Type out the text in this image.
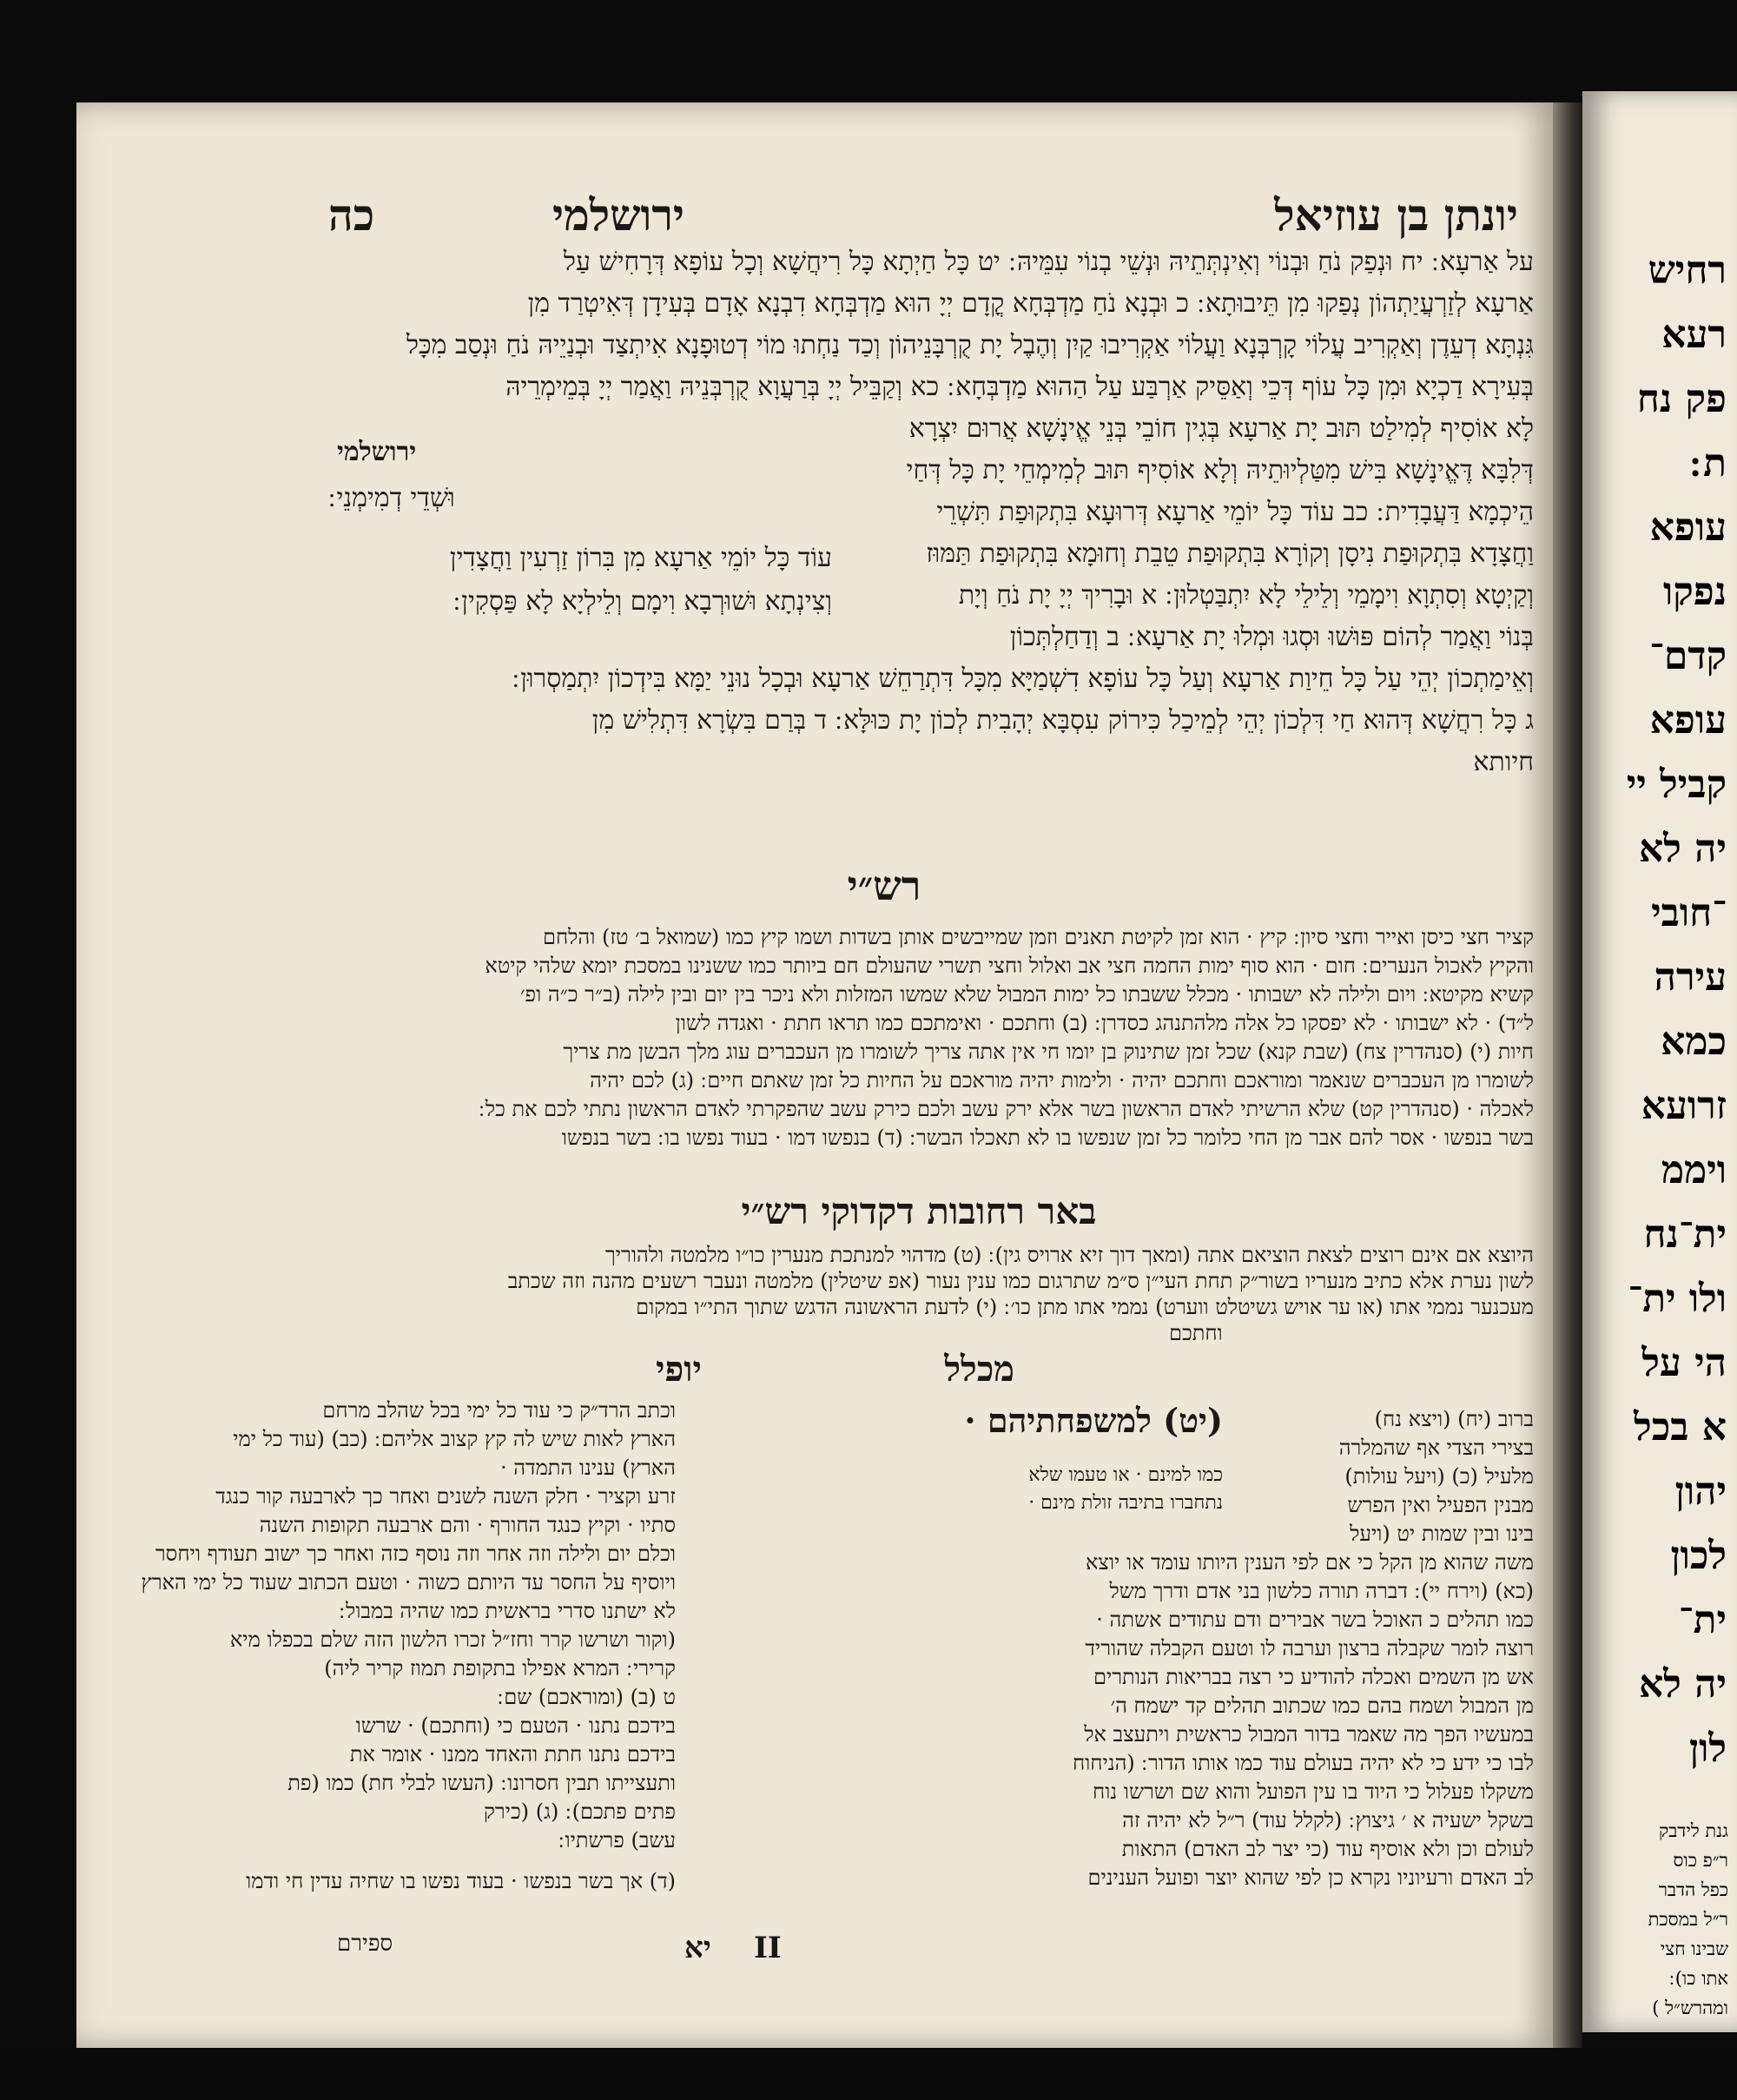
יונתן בן עוזיאל
ירושלמי
כה

על אַרעָא ׃ יח וּנְפַק נֹחַ וּבְנוֹי וְאִינְתְּתֵיהּ וּנְשֵׁי בְנוֹי עִמֵּיהּ ׃ יט כָּל חַיְתָא כָּל רִיחֲשָׁא וְכָל עוֹפָא דְּרָחִישׁ עַל

אַרעָא לְזַרְעֲיַתְהוֹן נְפַקוּ מִן תֵּיבוּתָא ׃ כ וּבְנָא נֹחַ מַדְבְּחָא קֳדָם יְיָ הוּא מַדְבְּחָא דִבְנָא אָדָם בְּעִידָן דְּאִיטְרַד מִן

גִּנְתָּא דְעֵדֶן וְאַקְרִיב עֲלוֹי קָרְבְּנָא וַעֲלוֹי אַקְרִיבוּ קַיִן וְהֶבֶל יָת קֻרְבָּנֵיהוֹן וְכַד נַחְתוּ מוֹי דְטוּפָנָא אִיתְצַד וּבְנַיֵיהּ נֹחַ וּנְסַב מִכָּל

בְּעִירָא דַכְיָא וּמִן כָּל עוֹף דְּכֵי וְאַסֵּיק אַרְבַּע עַל הַהוּא מַדְבְּחָא ׃ כא וְקַבֵּיל יְיָ בְּרַעֲוָא קֻרְבְּנֵיהּ וַאֲמַר יְיָ בְּמֵימְרֵיהּ

לָא אוֹסִיף לְמִילַט תּוּב יָת אַרעָא בְּגִין חוֹבֵי בְּנֵי אֱינָשָׁא אֲרוּם יִצְרָא

דְּלִבָּא דֶּאֱינָשָׁא בִּישׁ מִטַּלְיוּתֵיהּ וְלָא אוֹסִיף תּוּב לְמִימְחֵי יָת כָּל דְּחַי

הֵיכְמָא דַּעֲבָדִית ׃ כב עוֹד כָּל יוֹמֵי אַרעָא דְּרוּעָא בִּתְקוּפַת תִּשְׁרֵי

וַחֲצָדָא בִּתְקוּפַת נִיסָן וְקוֹרָא בִּתְקוּפַת טֵבֵת וְחוּמָא בִּתְקוּפַת תַּמּוּז

וְקַיְטָא וְסִתְוָא וִימָמֵי וְלֵילֵי לָא יִתְבַּטְלוּן ׃ א וּבָרִיךְ יְיָ יָת נֹחַ וְיָת

בְּנוֹי וַאֲמַר לְהוֹם פּוּשׁוּ וּסְגוּ וּמְלוּ יָת אַרעָא ׃ ב וְדַחַלְתְּכוֹן

וְאֵימַתְכוֹן יְהֵי עַל כָּל חֵיוַת אַרעָא וְעַל כָּל עוֹפָא דִשְׁמַיָּא מִכָּל דִּתְרַחֵשׁ אַרעָא וּבְכָל נוּנֵי יַמָּא בִּידְכוֹן יִתְמַסְרוּן ׃

ג כָּל רִחֲשָׁא דְּהוּא חַי דִּלְכוֹן יְהֵי לְמֵיכַל כִּירוֹק עִסְבָּא יְהָבִית לְכוֹן יָת כּוּלָּא ׃ ד בְּרַם בִּשְׂרָא דִּתְלִישׁ מִן

חיותא

ירושלמי
וּשְׁדֵי דְמִימְנֵי ׃
עוֹד כָּל יוֹמֵי אַרעָא מִן בִּרוֹן זַרְעִין וַחֲצָדִין
וְצִינְתָא וּשׁוּרְבָא וִימָם וְלֵילְיָא לָא פַּסְקִין ׃
רש״י

קציר חצי כיסן ואייר וחצי סיון ׃ קיץ · הוא זמן לקיטת תאנים וזמן שמייבשים אותן בשדות ושמו קיץ כמו (שמואל ב׳ טז) והלחם

והקיץ לאכול הנערים ׃ חום · הוא סוף ימות החמה חצי אב ואלול וחצי תשרי שהעולם חם ביותר כמו ששנינו במסכת יומא שלהי קיטא

קשיא מקיטא ׃ ויום ולילה לא ישבותו · מכלל ששבתו כל ימות המבול שלא שמשו המזלות ולא ניכר בין יום ובין לילה (ב״ר כ״ה ופ׳

ל״ד) · לא ישבותו · לא יפסקו כל אלה מלהתנהג כסדרן ׃ (ב) וחתכם · ואימתכם כמו תראו חתת · ואגדה לשון

חיות (י) (סנהדרין צח) (שבת קנא) שכל זמן שתינוק בן יומו חי אין אתה צריך לשומרו מן העכברים עוג מלך הבשן מת צריך

לשומרו מן העכברים שנאמר ומוראכם וחתכם יהיה · ולימות יהיה מוראכם על החיות כל זמן שאתם חיים ׃ (ג) לכם יהיה

לאכלה · (סנהדרין קט) שלא הרשיתי לאדם הראשון בשר אלא ירק עשב ולכם כירק עשב שהפקרתי לאדם הראשון נתתי לכם את כל ׃

בשר בנפשו · אסר להם אבר מן החי כלומר כל זמן שנפשו בו לא תאכלו הבשר ׃ (ד) בנפשו דמו · בעוד נפשו בו ׃ בשר בנפשו

באר רחובות דקדוקי רש״י

היוצא אם אינם רוצים לצאת הוציאם אתה (ומאך דוך זיא ארויס גין) ׃ (ט) מדהוי למנתכת מנערין כו״ו מלמטה ולהוריך

לשון נערת אלא כתיב מנעריו בשור״ק תחת העי״ן ס״מ שתרגום כמו ענין נעור (אפ שיטלין) מלמטה ונעבר רשעים מהנה וזה שכתב

מעכנער נממי אתו (או ער אויש גשיטלט ווערט) נממי אתו מתן כו׳ ׃ (י) לדעת הראשונה הדגש שתוך התי״ו במקום

וחתכם

מכלל
יופי

ברוב (יח) (ויצא נח)

בצירי הצדי אף שהמלרה

מלעיל (כ) (ויעל עולות)

מבנין הפעיל ואין הפרש

בינו ובין שמות יט (ויעל

משה שהוא מן הקל כי אם לפי הענין היותו עומד או יוצא

(כא) (וירח יי) ׃ דברה תורה כלשון בני אדם ודרך משל

כמו תהלים כ האוכל בשר אבירים ודם עתודים אשתה ·

רוצה לומר שקבלה ברצון וערבה לו וטעם הקבלה שהוריד

אש מן השמים ואכלה להודיע כי רצה בבריאות הנותרים

מן המבול ושמח בהם כמו שכתוב תהלים קד ישמח ה׳

במעשיו הפך מה שאמר בדור המבול כראשית ויתעצב אל

לבו כי ידע כי לא יהיה בעולם עוד כמו אותו הדור ׃ (הניחוח

משקלו פעלול כי היוד בו עין הפועל והוא שם ושרשו נוח

בשקל ישעיה א ׳ גיצוץ ׃ (לקלל עוד) ר״ל לא יהיה זה

לעולם וכן ולא אוסיף עוד (כי יצר לב האדם) התאות

לב האדם ורעיוניו נקרא כן לפי שהוא יוצר ופועל הענינים

(יט) למשפחתיהם ·

כמו למינם · או טעמו שלא

נתחברו בתיבה זולת מינם ·

וכתב הרד״ק כי עוד כל ימי בכל שהלב מרחם

הארץ לאות שיש לה קץ קצוב אליהם ׃ (כב) (עוד כל ימי

הארץ) ענינו התמדה ·

זרע וקציר · חלק השנה לשנים ואחר כך לארבעה קור כנגד

סתיו · וקיץ כנגד החורף · והם ארבעה תקופות השנה

וכלם יום ולילה וזה אחר וזה נוסף כזה ואחר כך ישוב תעודף ויחסר

ויוסיף על החסר עד היותם כשוה · וטעם הכתוב שעוד כל ימי הארץ

לא ישתנו סדרי בראשית כמו שהיה במבול ׃

(וקור ושרשו קרר וחז״ל זכרו הלשון הזה שלם בכפלו מיא

קרירי ׃ המרא אפילו בתקופת תמוז קריר ליה)

ט (ב) (ומוראכם) שם ׃

בידכם נתנו · הטעם כי (וחתכם) · שרשו

בידכם נתנו חתת והאחד ממנו · אומר את

ותעצייתו תבין חסרונו ׃ (העשו לבלי חת) כמו (פת

פתים פתכם) ׃ (ג) (כירק

עשב) פרשתיו ׃

(ד) אך בשר בנפשו · בעוד נפשו בו שחיה עדין חי ודמו

יא II
ספירם
רחיש
רעא
פק נח
ת ׃
עופא
נפקו
קדם־
עופא
קביל יי
יה לא
־חובי
עירה
כמא
זרועא
ויממ
ית־נח
ולו ית־
הי על
א בכל
יהון
לכון
ית־
יה לא
לון
גנת לידבק
ר״פ כוס
כפל הדבר
ר״ל במסכת
שבינו חצי
אתו כו) ׃
ומהרש״ל )
